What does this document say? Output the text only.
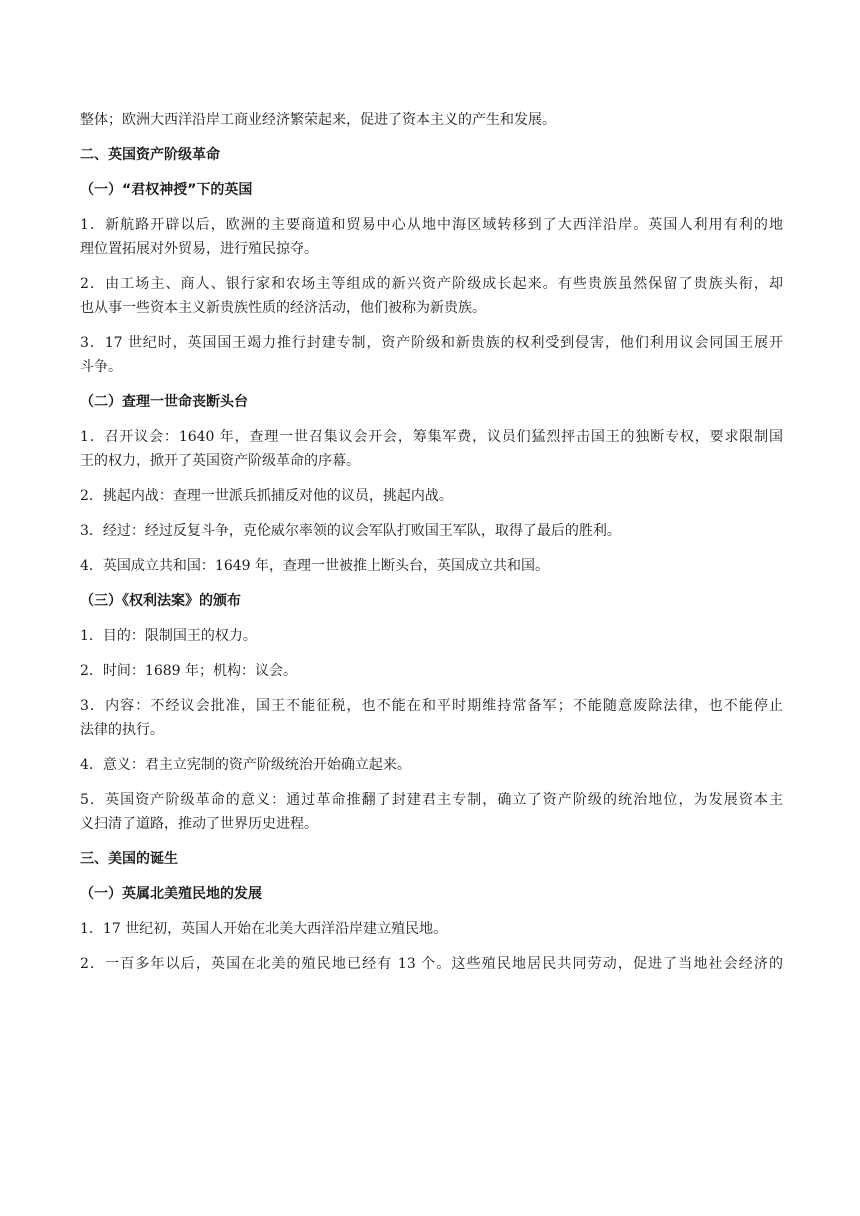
整体；欧洲大西洋沿岸工商业经济繁荣起来，促进了资本主义的产生和发展。
二、英国资产阶级革命
（一）“君权神授”下的英国
1．新航路开辟以后，欧洲的主要商道和贸易中心从地中海区域转移到了大西洋沿岸。英国人利用有利的地
理位置拓展对外贸易，进行殖民掠夺。
2．由工场主、商人、银行家和农场主等组成的新兴资产阶级成长起来。有些贵族虽然保留了贵族头衔，却
也从事一些资本主义新贵族性质的经济活动，他们被称为新贵族。
3．17 世纪时，英国国王竭力推行封建专制，资产阶级和新贵族的权利受到侵害，他们利用议会同国王展开
斗争。
（二）查理一世命丧断头台
1．召开议会：1640 年，查理一世召集议会开会，筹集军费，议员们猛烈抨击国王的独断专权，要求限制国
王的权力，掀开了英国资产阶级革命的序幕。
2．挑起内战：查理一世派兵抓捕反对他的议员，挑起内战。
3．经过：经过反复斗争，克伦威尔率领的议会军队打败国王军队，取得了最后的胜利。
4．英国成立共和国：1649 年，查理一世被推上断头台，英国成立共和国。
（三）《权利法案》的颁布
1．目的：限制国王的权力。
2．时间：1689 年；机构：议会。
3．内容：不经议会批准，国王不能征税，也不能在和平时期维持常备军；不能随意废除法律，也不能停止
法律的执行。
4．意义：君主立宪制的资产阶级统治开始确立起来。
5．英国资产阶级革命的意义：通过革命推翻了封建君主专制，确立了资产阶级的统治地位，为发展资本主
义扫清了道路，推动了世界历史进程。
三、美国的诞生
（一）英属北美殖民地的发展
1．17 世纪初，英国人开始在北美大西洋沿岸建立殖民地。
2．一百多年以后，英国在北美的殖民地已经有 13 个。这些殖民地居民共同劳动，促进了当地社会经济的
